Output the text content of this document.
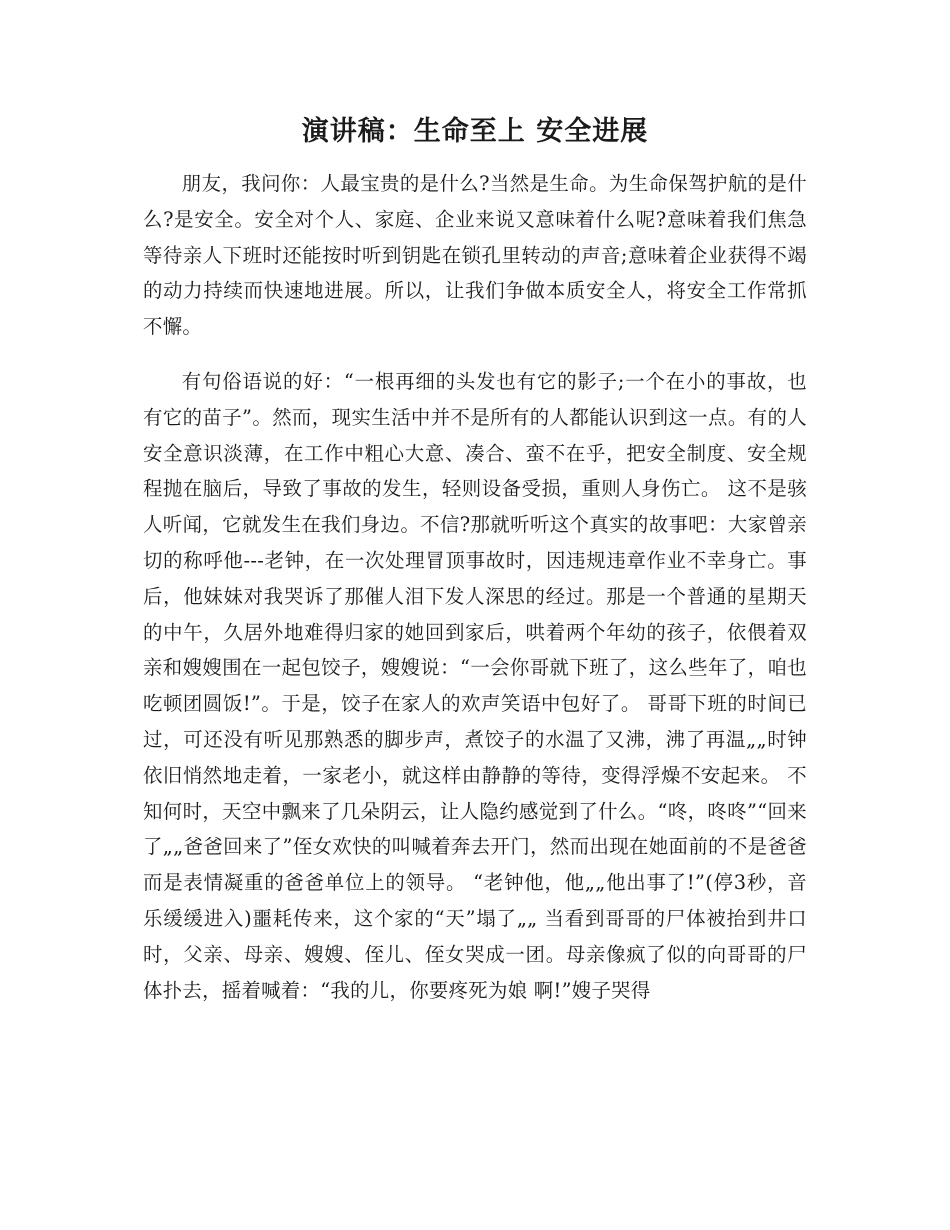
演讲稿：生命至上 安全进展

朋友，我问你：人最宝贵的是什么?当然是生命。为生命保驾护航的是什么?是安全。安全对个人、家庭、企业来说又意味着什么呢?意味着我们焦急等待亲人下班时还能按时听到钥匙在锁孔里转动的声音;意味着企业获得不竭的动力持续而快速地进展。所以，让我们争做本质安全人，将安全工作常抓不懈。

有句俗语说的好：“一根再细的头发也有它的影子;一个在小的事故，也有它的苗子”。然而，现实生活中并不是所有的人都能认识到这一点。有的人安全意识淡薄，在工作中粗心大意、凑合、蛮不在乎，把安全制度、安全规程抛在脑后，导致了事故的发生，轻则设备受损，重则人身伤亡。 这不是骇人听闻，它就发生在我们身边。不信?那就听听这个真实的故事吧：大家曾亲切的称呼他---老钟，在一次处理冒顶事故时，因违规违章作业不幸身亡。事后，他妹妹对我哭诉了那催人泪下发人深思的经过。那是一个普通的星期天的中午，久居外地难得归家的她回到家后，哄着两个年幼的孩子，依偎着双亲和嫂嫂围在一起包饺子，嫂嫂说：“一会你哥就下班了，这么些年了，咱也吃顿团圆饭!”。于是，饺子在家人的欢声笑语中包好了。 哥哥下班的时间已过，可还没有听见那熟悉的脚步声，煮饺子的水温了又沸，沸了再温„„时钟依旧悄然地走着，一家老小，就这样由静静的等待，变得浮燥不安起来。 不知何时，天空中飘来了几朵阴云，让人隐约感觉到了什么。“咚，咚咚”“回来了„„爸爸回来了”侄女欢快的叫喊着奔去开门，然而出现在她面前的不是爸爸而是表情凝重的爸爸单位上的领导。 “老钟他，他„„他出事了!”(停3秒，音乐缓缓进入)噩耗传来，这个家的“天”塌了„„ 当看到哥哥的尸体被抬到井口时，父亲、母亲、嫂嫂、侄儿、侄女哭成一团。母亲像疯了似的向哥哥的尸体扑去，摇着喊着：“我的儿，你要疼死为娘 啊!”嫂子哭得
